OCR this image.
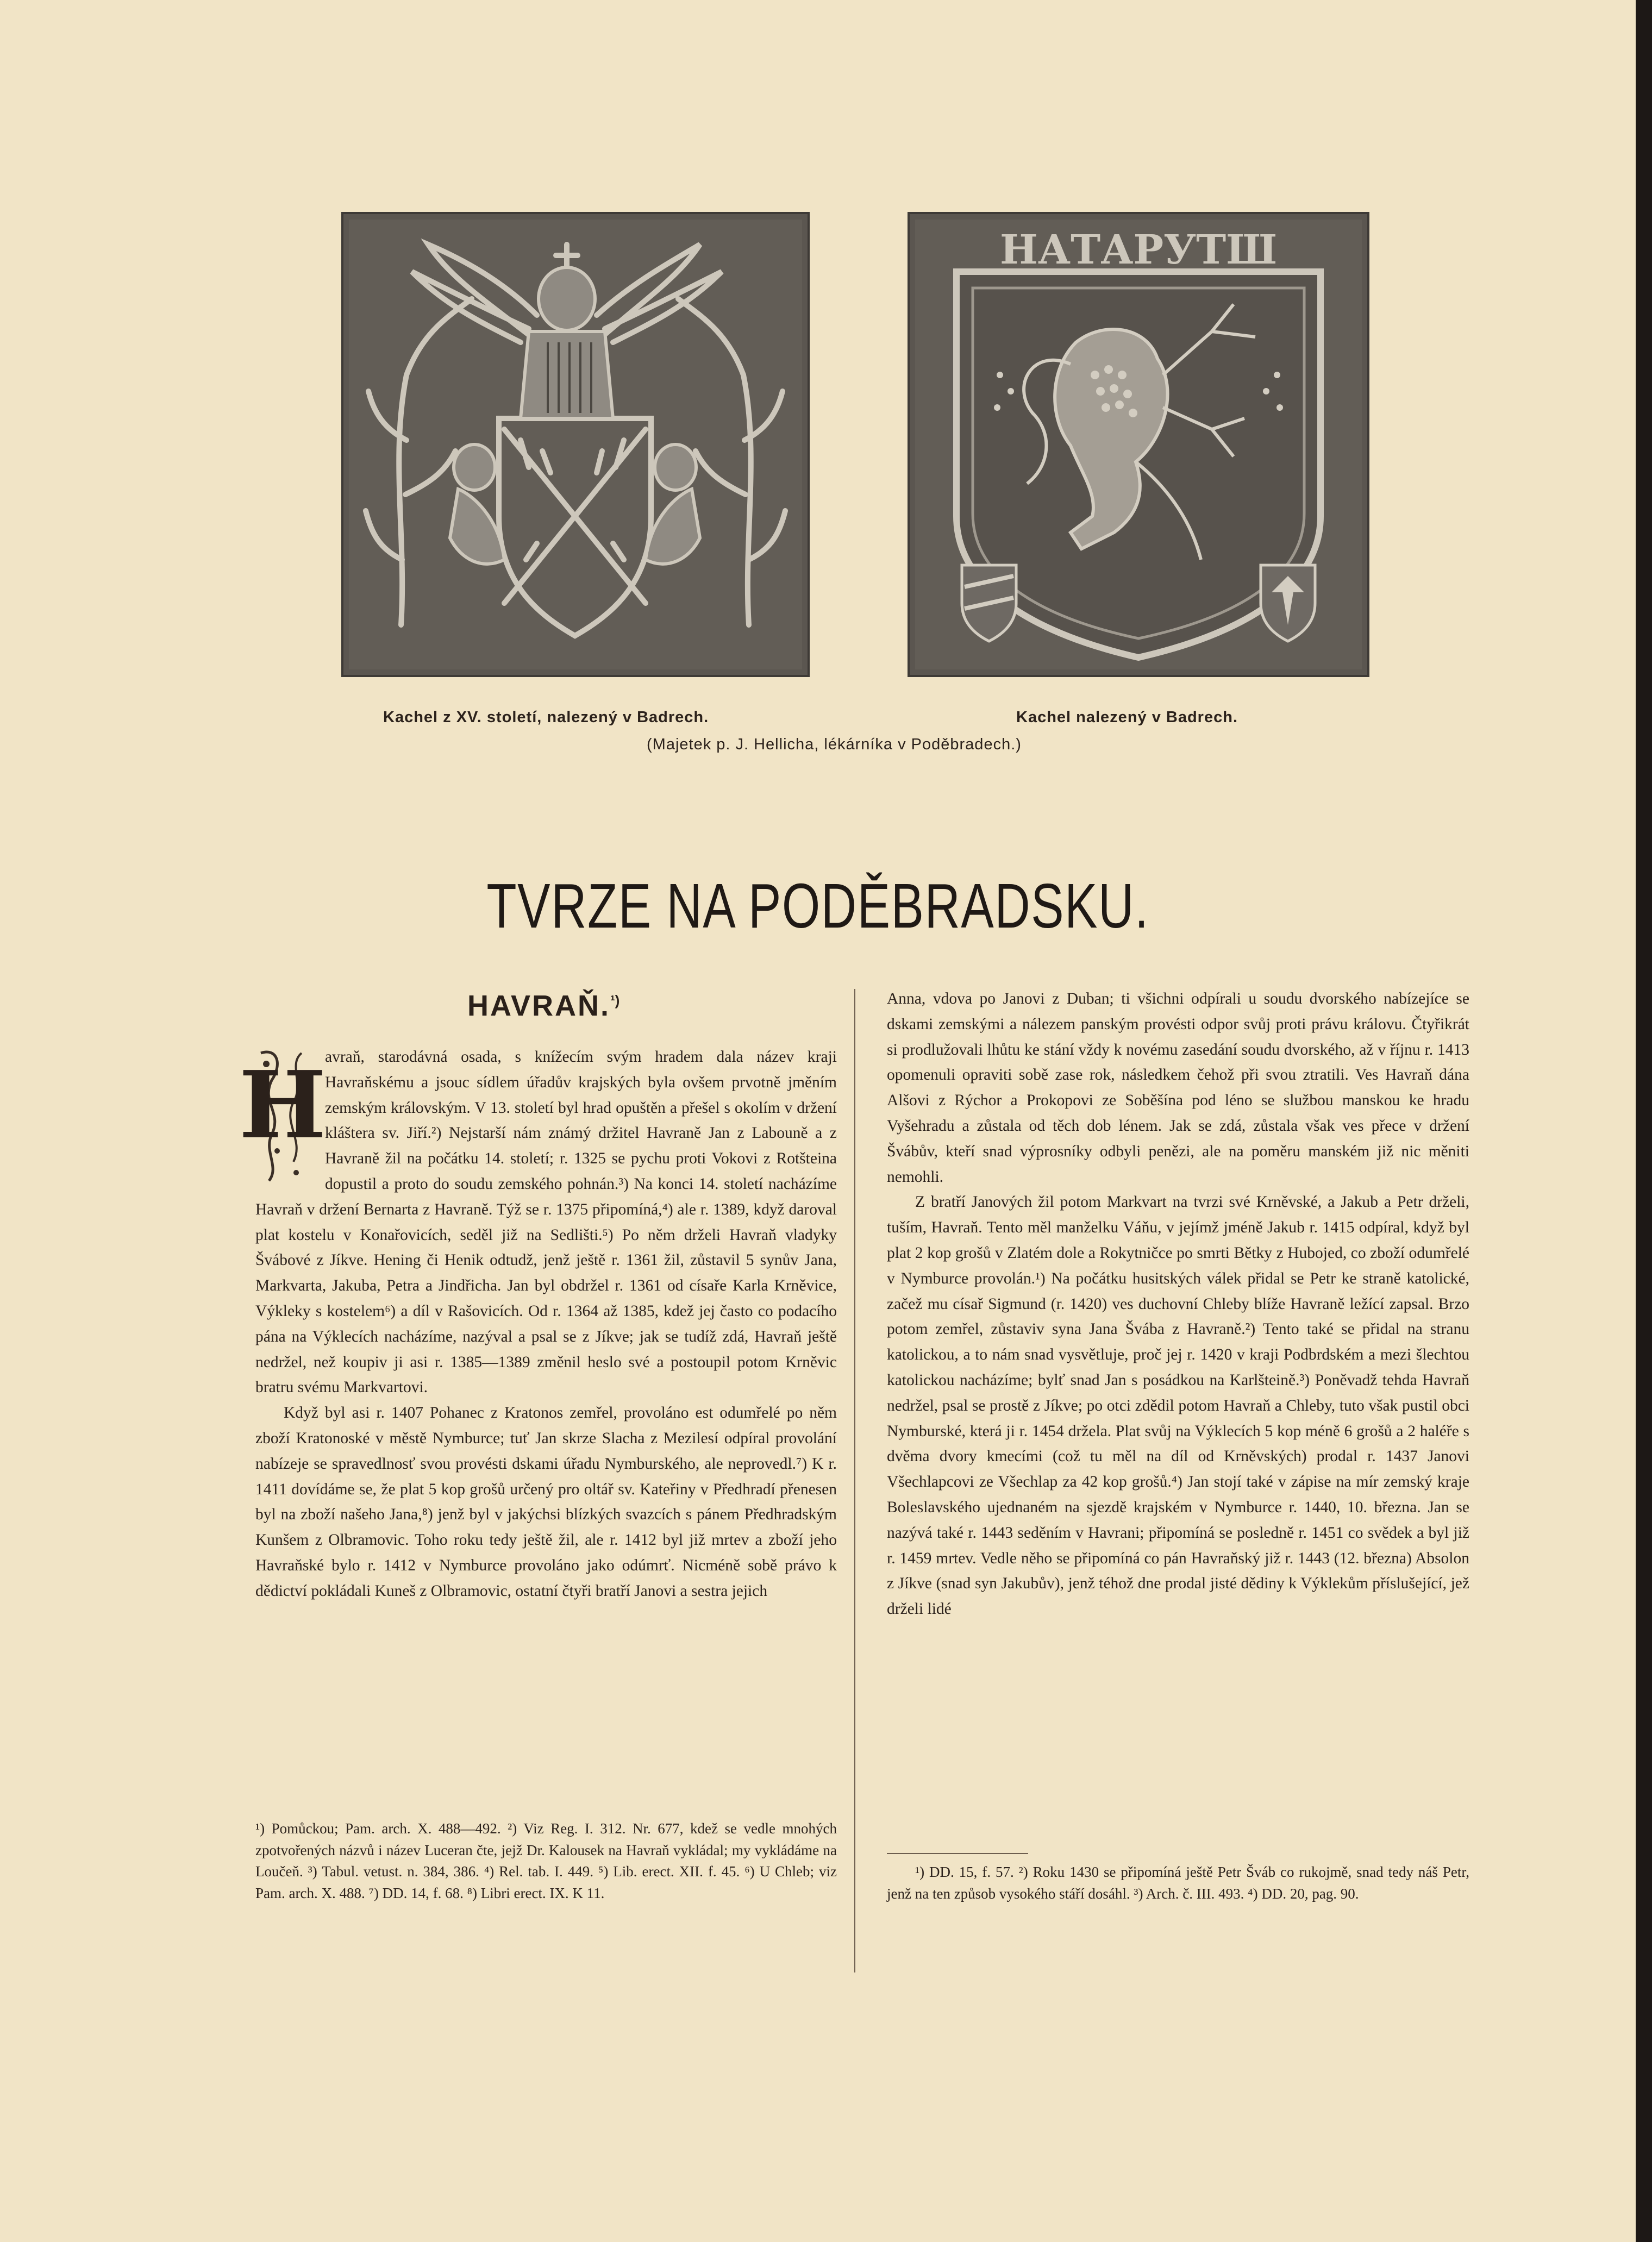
НАТАРУТШ
Kachel z XV. století, nalezený v Badrech.	Kachel nalezený v Badrech.
(Majetek p. J. Hellicha, lékárníka v Poděbradech.)
TVRZE NA PODĚBRADSKU.
HAVRAŇ.$^{^1)}$
H

avraň, starodávná osada, s knížecím svým hradem dala název kraji Havraňskému a jsouc sídlem úřadův krajských byla ovšem prvotně jměním zemským královským. V 13. století byl hrad opuštěn a přešel s okolím v držení kláštera sv. Jiří.²) Nejstarší nám známý držitel Havraně Jan z Labouně a z Havraně žil na počátku 14. století; r. 1325 se pychu proti Vokovi z Rotšteina dopustil a proto do soudu zemského pohnán.³) Na konci 14. století nacházíme Havraň v držení Bernarta z Havraně. Týž se r. 1375 připomíná,⁴) ale r. 1389, když daroval plat kostelu v Konařovicích, seděl již na Sedlišti.⁵) Po něm drželi Havraň vladyky Švábové z Jíkve. Hening či Henik odtudž, jenž ještě r. 1361 žil, zůstavil 5 synův Jana, Markvarta, Jakuba, Petra a Jindřicha. Jan byl obdržel r. 1361 od císaře Karla Krněvice, Výkleky s kostelem⁶) a díl v Rašovicích. Od r. 1364 až 1385, kdež jej často co podacího pána na Výklecích nacházíme, nazýval a psal se z Jíkve; jak se tudíž zdá, Havraň ještě nedržel, než koupiv ji asi r. 1385—1389 změnil heslo své a postoupil potom Krněvic bratru svému Markvartovi.

Když byl asi r. 1407 Pohanec z Kratonos zemřel, provoláno est odumřelé po něm zboží Kratonoské v městě Nymburce; tuť Jan skrze Slacha z Mezilesí odpíral provolání nabízeje se spravedlnosť svou provésti dskami úřadu Nymburského, ale neprovedl.⁷) K r. 1411 dovídáme se, že plat 5 kop grošů určený pro oltář sv. Kateřiny v Předhradí přenesen byl na zboží našeho Jana,⁸) jenž byl v jakýchsi blízkých svazcích s pánem Předhradským Kunšem z Olbramovic. Toho roku tedy ještě žil, ale r. 1412 byl již mrtev a zboží jeho Havraňské bylo r. 1412 v Nymburce provoláno jako odúmrť. Nicméně sobě právo k dědictví pokládali Kuneš z Olbramovic, ostatní čtyři bratří Janovi a sestra jejich

Anna, vdova po Janovi z Duban; ti všichni odpírali u soudu dvorského nabízejíce se dskami zemskými a nálezem panským provésti odpor svůj proti právu královu. Čtyřikrát si prodlužovali lhůtu ke stání vždy k novému zasedání soudu dvorského, až v říjnu r. 1413 opomenuli opraviti sobě zase rok, následkem čehož při svou ztratili. Ves Havraň dána Alšovi z Rýchor a Prokopovi ze Soběšína pod léno se službou manskou ke hradu Vyšehradu a zůstala od těch dob lénem. Jak se zdá, zůstala však ves přece v držení Švábův, kteří snad výprosníky odbyli penězi, ale na poměru manském již nic měniti nemohli.

Z bratří Janových žil potom Markvart na tvrzi své Krněvské, a Jakub a Petr drželi, tuším, Havraň. Tento měl manželku Váňu, v jejímž jméně Jakub r. 1415 odpíral, když byl plat 2 kop grošů v Zlatém dole a Rokytničce po smrti Bětky z Hubojed, co zboží odumřelé v Nymburce provolán.¹) Na počátku husitských válek přidal se Petr ke straně katolické, začež mu císař Sigmund (r. 1420) ves duchovní Chleby blíže Havraně ležící zapsal. Brzo potom zemřel, zůstaviv syna Jana Švába z Havraně.²) Tento také se přidal na stranu katolickou, a to nám snad vysvětluje, proč jej r. 1420 v kraji Podbrdském a mezi šlechtou katolickou nacházíme; bylť snad Jan s posádkou na Karlšteině.³) Poněvadž tehda Havraň nedržel, psal se prostě z Jíkve; po otci zdědil potom Havraň a Chleby, tuto však pustil obci Nymburské, která ji r. 1454 držela. Plat svůj na Výklecích 5 kop méně 6 grošů a 2 haléře s dvěma dvory kmecími (což tu měl na díl od Krněvských) prodal r. 1437 Janovi Všechlapcovi ze Všechlap za 42 kop grošů.⁴) Jan stojí také v zápise na mír zemský kraje Boleslavského ujednaném na sjezdě krajském v Nymburce r. 1440, 10. března. Jan se nazývá také r. 1443 seděním v Havrani; připomíná se posledně r. 1451 co svědek a byl již r. 1459 mrtev. Vedle něho se připomíná co pán Havraňský již r. 1443 (12. března) Absolon z Jíkve (snad syn Jakubův), jenž téhož dne prodal jisté dědiny k Výklekům příslušející, jež drželi lidé

¹) Pomůckou; Pam. arch. X. 488—492. ²) Viz Reg. I. 312. Nr. 677, kdež se vedle mnohých zpotvořených názvů i název Luceran čte, jejž Dr. Kalousek na Havraň vykládal; my vykládáme na Loučeň. ³) Tabul. vetust. n. 384, 386. ⁴) Rel. tab. I. 449. ⁵) Lib. erect. XII. f. 45. ⁶) U Chleb; viz Pam. arch. X. 488. ⁷) DD. 14, f. 68. ⁸) Libri erect. IX. K 11.

¹) DD. 15, f. 57. ²) Roku 1430 se připomíná ještě Petr Šváb co rukojmě, snad tedy náš Petr, jenž na ten způsob vysokého stáří dosáhl. ³) Arch. č. III. 493. ⁴) DD. 20, pag. 90.
